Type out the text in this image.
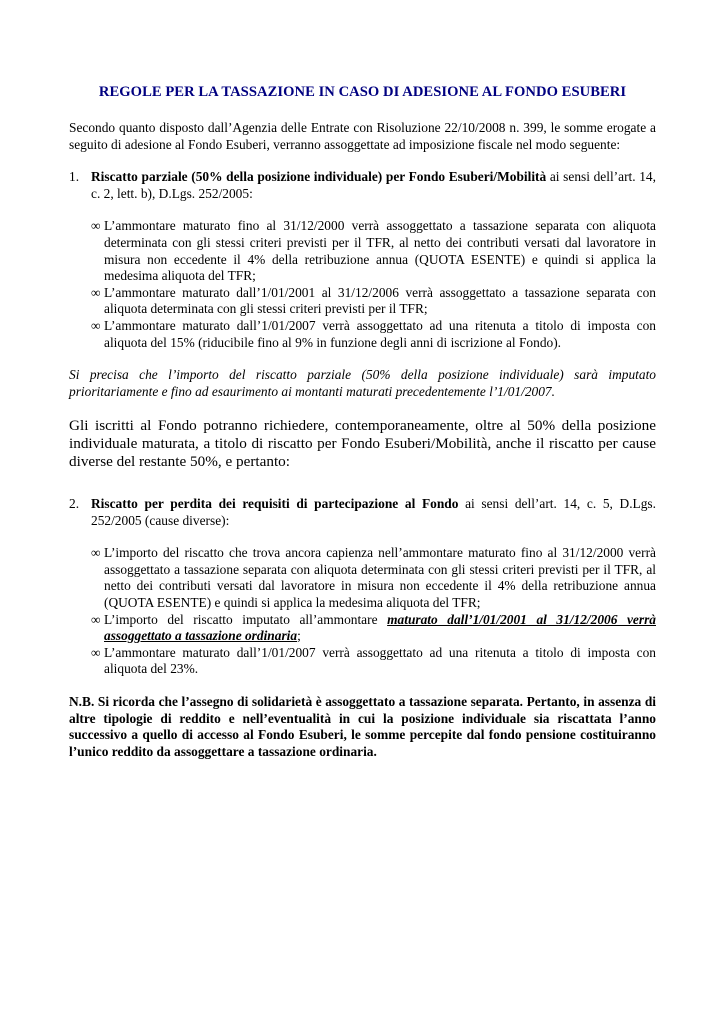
REGOLE PER LA TASSAZIONE IN CASO DI ADESIONE AL FONDO ESUBERI

Secondo quanto disposto dall’Agenzia delle Entrate con Risoluzione 22/10/2008 n. 399, le somme erogate a seguito di adesione al Fondo Esuberi, verranno assoggettate ad imposizione fiscale nel modo seguente:

1. Riscatto parziale (50% della posizione individuale) per Fondo Esuberi/Mobilità ai sensi dell’art. 14, c. 2, lett. b), D.Lgs. 252/2005:
∞ L’ammontare maturato fino al 31/12/2000 verrà assoggettato a tassazione separata con aliquota determinata con gli stessi criteri previsti per il TFR, al netto dei contributi versati dal lavoratore in misura non eccedente il 4% della retribuzione annua (QUOTA ESENTE) e quindi si applica la medesima aliquota del TFR;
∞ L’ammontare maturato dall’1/01/2001 al 31/12/2006 verrà assoggettato a tassazione separata con aliquota determinata con gli stessi criteri previsti per il TFR;
∞ L’ammontare maturato dall’1/01/2007 verrà assoggettato ad una ritenuta a titolo di imposta con aliquota del 15% (riducibile fino al 9% in funzione degli anni di iscrizione al Fondo).

Si precisa che l’importo del riscatto parziale (50% della posizione individuale) sarà imputato prioritariamente e fino ad esaurimento ai montanti maturati precedentemente l’1/01/2007.

Gli iscritti al Fondo potranno richiedere, contemporaneamente, oltre al 50% della posizione individuale maturata, a titolo di riscatto per Fondo Esuberi/Mobilità, anche il riscatto per cause diverse del restante 50%, e pertanto:

2. Riscatto per perdita dei requisiti di partecipazione al Fondo ai sensi dell’art. 14, c. 5, D.Lgs. 252/2005 (cause diverse):
∞ L’importo del riscatto che trova ancora capienza nell’ammontare maturato fino al 31/12/2000 verrà assoggettato a tassazione separata con aliquota determinata con gli stessi criteri previsti per il TFR, al netto dei contributi versati dal lavoratore in misura non eccedente il 4% della retribuzione annua (QUOTA ESENTE) e quindi si applica la medesima aliquota del TFR;
∞ L’importo del riscatto imputato all’ammontare maturato dall’1/01/2001 al 31/12/2006 verrà assoggettato a tassazione ordinaria;
∞ L’ammontare maturato dall’1/01/2007 verrà assoggettato ad una ritenuta a titolo di imposta con aliquota del 23%.

N.B. Si ricorda che l’assegno di solidarietà è assoggettato a tassazione separata. Pertanto, in assenza di altre tipologie di reddito e nell’eventualità in cui la posizione individuale sia riscattata l’anno successivo a quello di accesso al Fondo Esuberi, le somme percepite dal fondo pensione costituiranno l’unico reddito da assoggettare a tassazione ordinaria.
